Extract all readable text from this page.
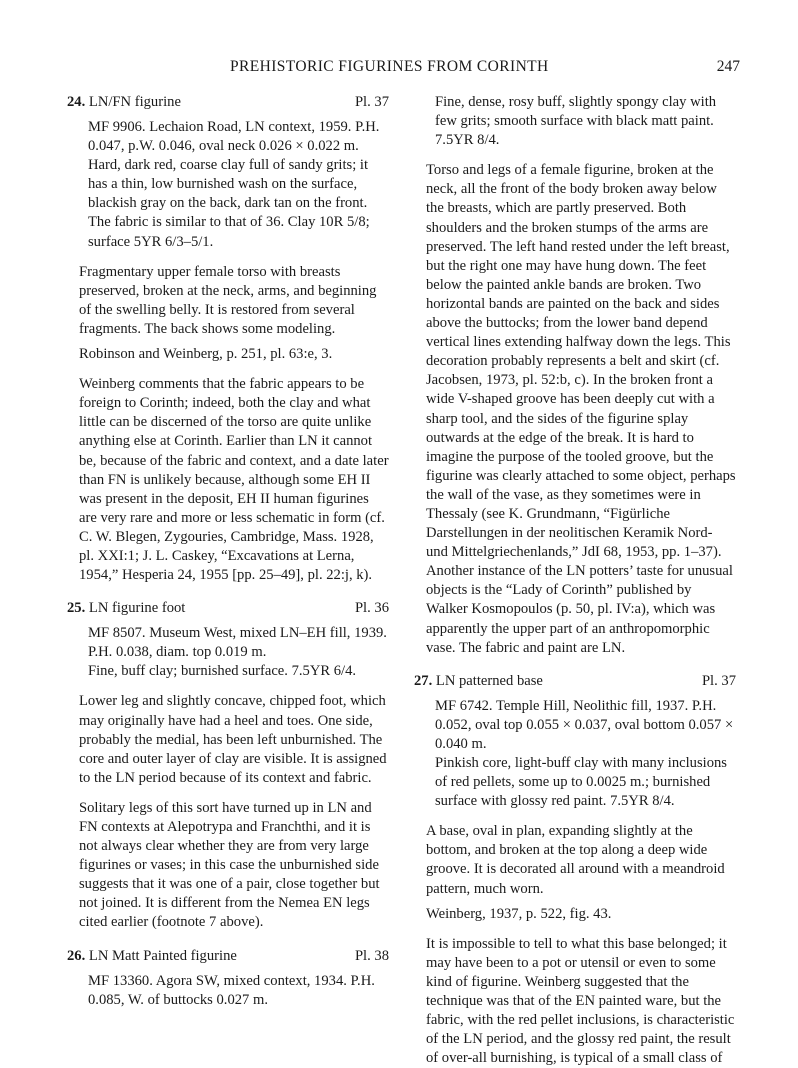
PREHISTORIC FIGURINES FROM CORINTH	247
24. LN/FN figurine	Pl. 37

MF 9906. Lechaion Road, LN context, 1959. P.H. 0.047, p.W. 0.046, oval neck 0.026 × 0.022 m.

Hard, dark red, coarse clay full of sandy grits; it has a thin, low burnished wash on the surface, blackish gray on the back, dark tan on the front. The fabric is similar to that of 36. Clay 10R 5/8; surface 5YR 6/3–5/1.

Fragmentary upper female torso with breasts preserved, broken at the neck, arms, and beginning of the swelling belly. It is restored from several fragments. The back shows some modeling.

Robinson and Weinberg, p. 251, pl. 63:e, 3.

Weinberg comments that the fabric appears to be foreign to Corinth; indeed, both the clay and what little can be discerned of the torso are quite unlike anything else at Corinth. Earlier than LN it cannot be, because of the fabric and context, and a date later than FN is unlikely because, although some EH II was present in the deposit, EH II human figurines are very rare and more or less schematic in form (cf. C. W. Blegen, Zygouries, Cambridge, Mass. 1928, pl. XXI:1; J. L. Caskey, “Excavations at Lerna, 1954,” Hesperia 24, 1955 [pp. 25–49], pl. 22:j, k).

25. LN figurine foot	Pl. 36

MF 8507. Museum West, mixed LN–EH fill, 1939. P.H. 0.038, diam. top 0.019 m.

Fine, buff clay; burnished surface. 7.5YR 6/4.

Lower leg and slightly concave, chipped foot, which may originally have had a heel and toes. One side, probably the medial, has been left unburnished. The core and outer layer of clay are visible. It is assigned to the LN period because of its context and fabric.

Solitary legs of this sort have turned up in LN and FN contexts at Alepotrypa and Franchthi, and it is not always clear whether they are from very large figurines or vases; in this case the unburnished side suggests that it was one of a pair, close together but not joined. It is different from the Nemea EN legs cited earlier (footnote 7 above).

26. LN Matt Painted figurine	Pl. 38

MF 13360. Agora SW, mixed context, 1934. P.H. 0.085, W. of buttocks 0.027 m.

Fine, dense, rosy buff, slightly spongy clay with few grits; smooth surface with black matt paint. 7.5YR 8/4.

Torso and legs of a female figurine, broken at the neck, all the front of the body broken away below the breasts, which are partly preserved. Both shoulders and the broken stumps of the arms are preserved. The left hand rested under the left breast, but the right one may have hung down. The feet below the painted ankle bands are broken. Two horizontal bands are painted on the back and sides above the buttocks; from the lower band depend vertical lines extending halfway down the legs. This decoration probably represents a belt and skirt (cf. Jacobsen, 1973, pl. 52:b, c). In the broken front a wide V-shaped groove has been deeply cut with a sharp tool, and the sides of the figurine splay outwards at the edge of the break. It is hard to imagine the purpose of the tooled groove, but the figurine was clearly attached to some object, perhaps the wall of the vase, as they sometimes were in Thessaly (see K. Grundmann, “Figürliche Darstellungen in der neolitischen Keramik Nord- und Mittelgriechenlands,” JdI 68, 1953, pp. 1–37). Another instance of the LN potters’ taste for unusual objects is the “Lady of Corinth” published by Walker Kosmopoulos (p. 50, pl. IV:a), which was apparently the upper part of an anthropomorphic vase. The fabric and paint are LN.

27. LN patterned base	Pl. 37

MF 6742. Temple Hill, Neolithic fill, 1937. P.H. 0.052, oval top 0.055 × 0.037, oval bottom 0.057 × 0.040 m.

Pinkish core, light-buff clay with many inclusions of red pellets, some up to 0.0025 m.; burnished surface with glossy red paint. 7.5YR 8/4.

A base, oval in plan, expanding slightly at the bottom, and broken at the top along a deep wide groove. It is decorated all around with a meandroid pattern, much worn.

Weinberg, 1937, p. 522, fig. 43.

It is impossible to tell to what this base belonged; it may have been to a pot or utensil or even to some kind of figurine. Weinberg suggested that the technique was that of the EN painted ware, but the fabric, with the red pellet inclusions, is characteristic of the LN period, and the glossy red paint, the result of over-all burnishing, is typical of a small class of
